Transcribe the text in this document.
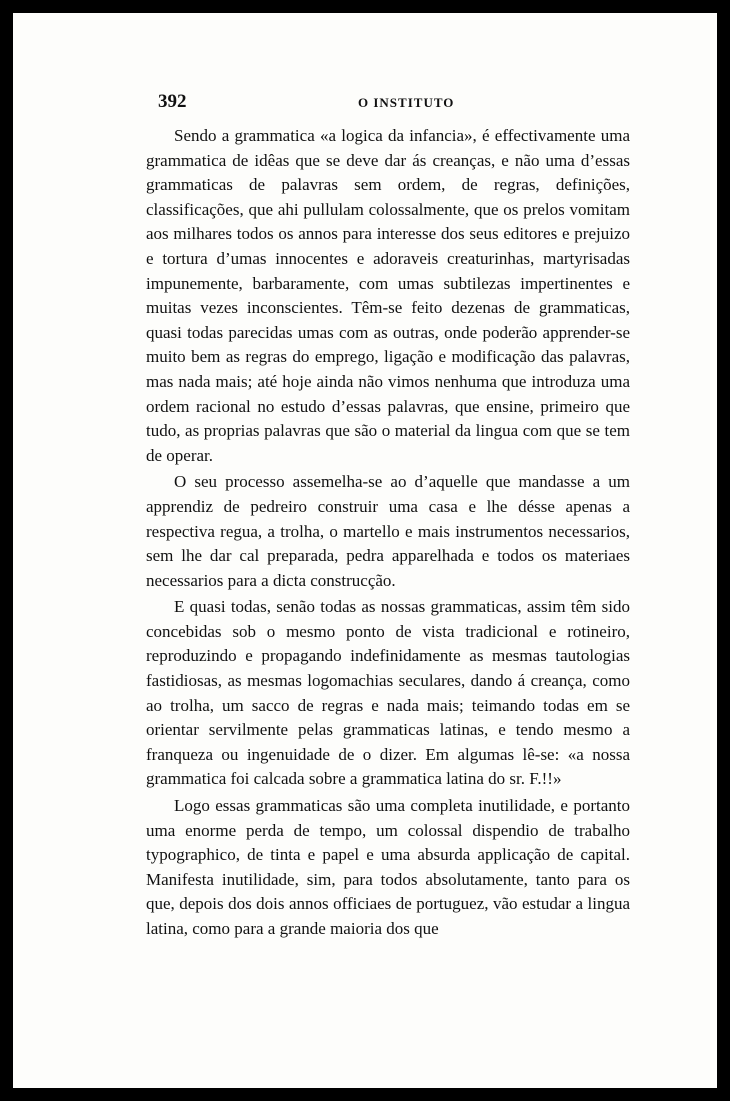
392	O INSTITUTO

Sendo a grammatica «a logica da infancia», é effectivamente uma grammatica de idêas que se deve dar ás creanças, e não uma d’essas grammaticas de palavras sem ordem, de regras, definições, classificações, que ahi pullulam colossalmente, que os prelos vomitam aos milhares todos os annos para interesse dos seus editores e prejuizo e tortura d’umas innocentes e adoraveis creaturinhas, martyrisadas impunemente, barbaramente, com umas subtilezas impertinentes e muitas vezes inconscientes. Têm-se feito dezenas de grammaticas, quasi todas parecidas umas com as outras, onde poderão apprender-se muito bem as regras do emprego, ligação e modificação das palavras, mas nada mais; até hoje ainda não vimos nenhuma que introduza uma ordem racional no estudo d’essas palavras, que ensine, primeiro que tudo, as proprias palavras que são o material da lingua com que se tem de operar.

O seu processo assemelha-se ao d’aquelle que mandasse a um apprendiz de pedreiro construir uma casa e lhe désse apenas a respectiva regua, a trolha, o martello e mais instrumentos necessarios, sem lhe dar cal preparada, pedra apparelhada e todos os materiaes necessarios para a dicta construcção.

E quasi todas, senão todas as nossas grammaticas, assim têm sido concebidas sob o mesmo ponto de vista tradicional e rotineiro, reproduzindo e propagando indefinidamente as mesmas tautologias fastidiosas, as mesmas logomachias seculares, dando á creança, como ao trolha, um sacco de regras e nada mais; teimando todas em se orientar servilmente pelas grammaticas latinas, e tendo mesmo a franqueza ou ingenuidade de o dizer. Em algumas lê-se: «a nossa grammatica foi calcada sobre a grammatica latina do sr. F.!!»

Logo essas grammaticas são uma completa inutilidade, e portanto uma enorme perda de tempo, um colossal dispendio de trabalho typographico, de tinta e papel e uma absurda applicação de capital. Manifesta inutilidade, sim, para todos absolutamente, tanto para os que, depois dos dois annos officiaes de portuguez, vão estudar a lingua latina, como para a grande maioria dos que
